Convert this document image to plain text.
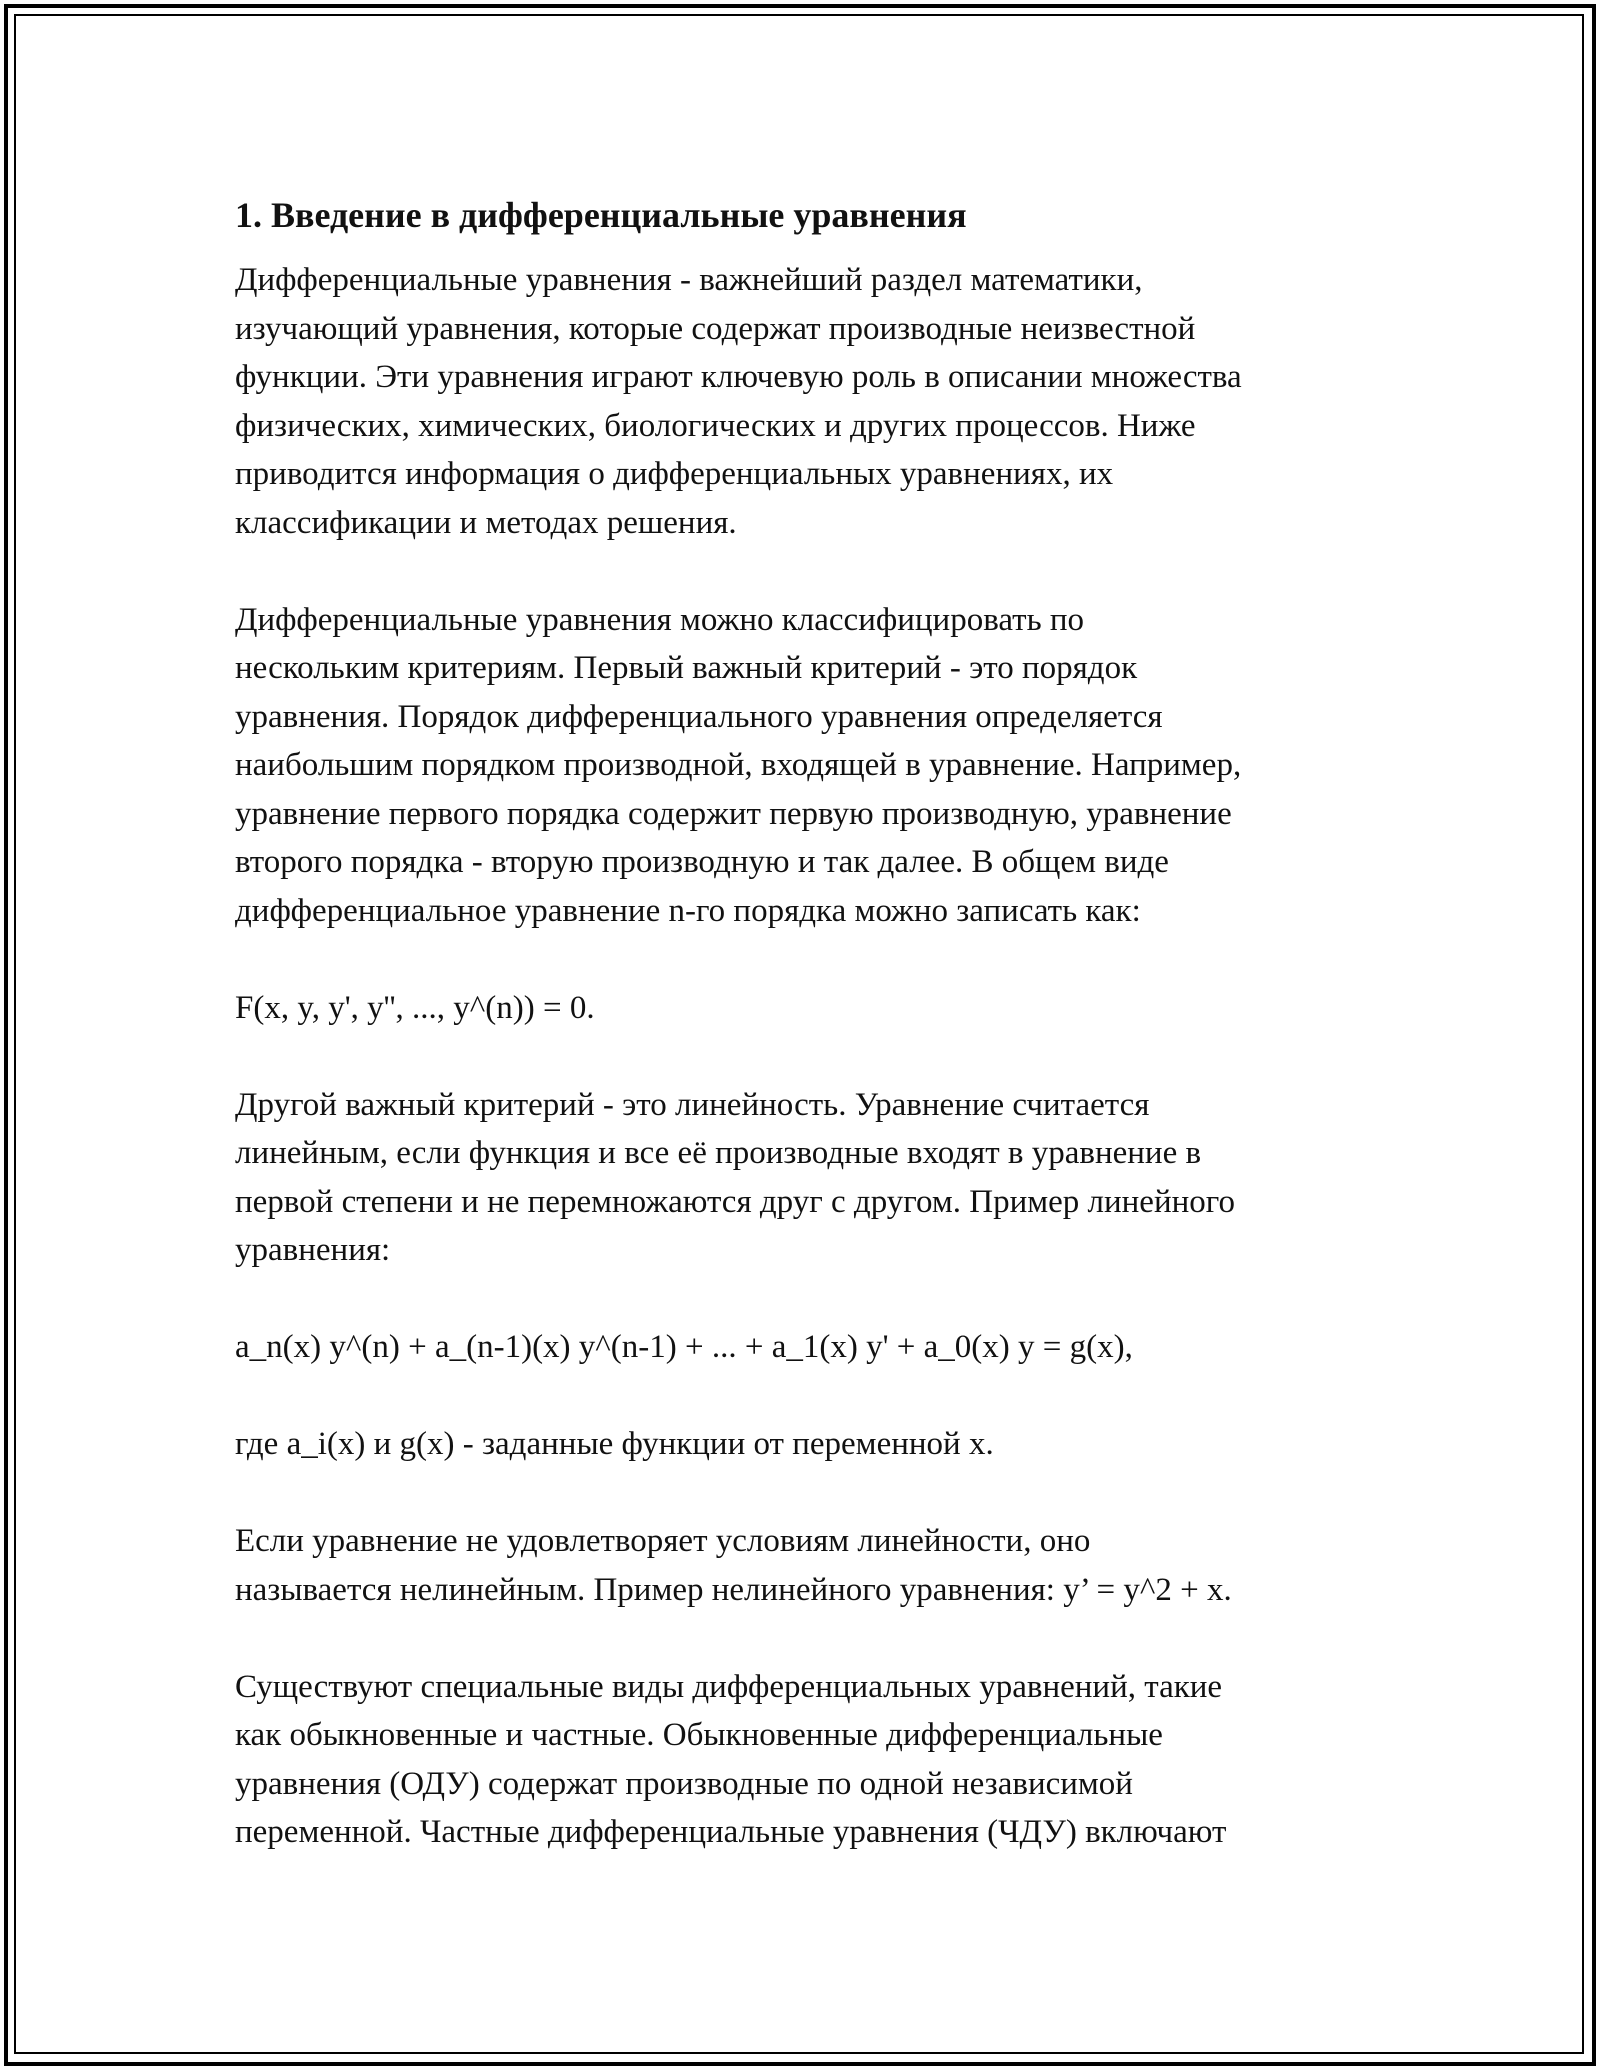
1. Введение в дифференциальные уравнения
Дифференциальные уравнения - важнейший раздел математики,
изучающий уравнения, которые содержат производные неизвестной
функции. Эти уравнения играют ключевую роль в описании множества
физических, химических, биологических и других процессов. Ниже
приводится информация о дифференциальных уравнениях, их
классификации и методах решения.
Дифференциальные уравнения можно классифицировать по
нескольким критериям. Первый важный критерий - это порядок
уравнения. Порядок дифференциального уравнения определяется
наибольшим порядком производной, входящей в уравнение. Например,
уравнение первого порядка содержит первую производную, уравнение
второго порядка - вторую производную и так далее. В общем виде
дифференциальное уравнение n-го порядка можно записать как:
F(x, y, y', y'', ..., y^(n)) = 0.
Другой важный критерий - это линейность. Уравнение считается
линейным, если функция и все её производные входят в уравнение в
первой степени и не перемножаются друг с другом. Пример линейного
уравнения:
a_n(x) y^(n) + a_(n-1)(x) y^(n-1) + ... + a_1(x) y' + a_0(x) y = g(x),
где a_i(x) и g(x) - заданные функции от переменной x.
Если уравнение не удовлетворяет условиям линейности, оно
называется нелинейным. Пример нелинейного уравнения: y’ = y^2 + x.
Существуют специальные виды дифференциальных уравнений, такие
как обыкновенные и частные. Обыкновенные дифференциальные
уравнения (ОДУ) содержат производные по одной независимой
переменной. Частные дифференциальные уравнения (ЧДУ) включают
